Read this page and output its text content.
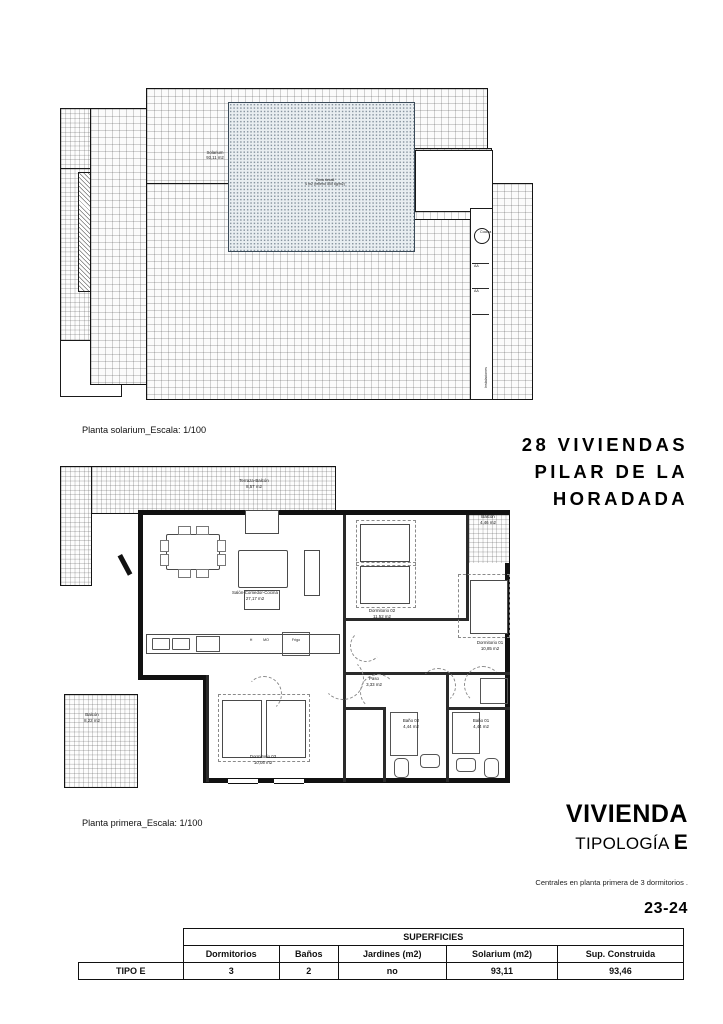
Solarium
93,11 m2
Zona decall
4 m2 (relleno 500 kg/m2)
Cocina
AA
AA
Instalaciones
Planta solarium_Escala: 1/100
28 VIVIENDAS
PILAR DE LA
HORADADA
H	MO	Frigo
Terraza-Balcón
8,57 m2
Salón-Comedor-Cocina
27,17 m2
Dormitorio 02
11,52 m2
Dormitorio 01
10,85 m2
Dormitorio 03
10,05 m2
Balcón
4,46 m2
Balcón
8,22 m2
Paso
3,33 m2
Baño 02
4,44 m2
Baño 01
4,44 m2
Planta primera_Escala: 1/100	VIVIENDA
TIPOLOGÍA E
Centrales en planta primera de 3 dormitorios .
23-24
	SUPERFICIES				
	Dormitorios	Baños	Jardines (m2)	Solarium (m2)	Sup. Construida
TIPO E	3	2	no	93,11	93,46
